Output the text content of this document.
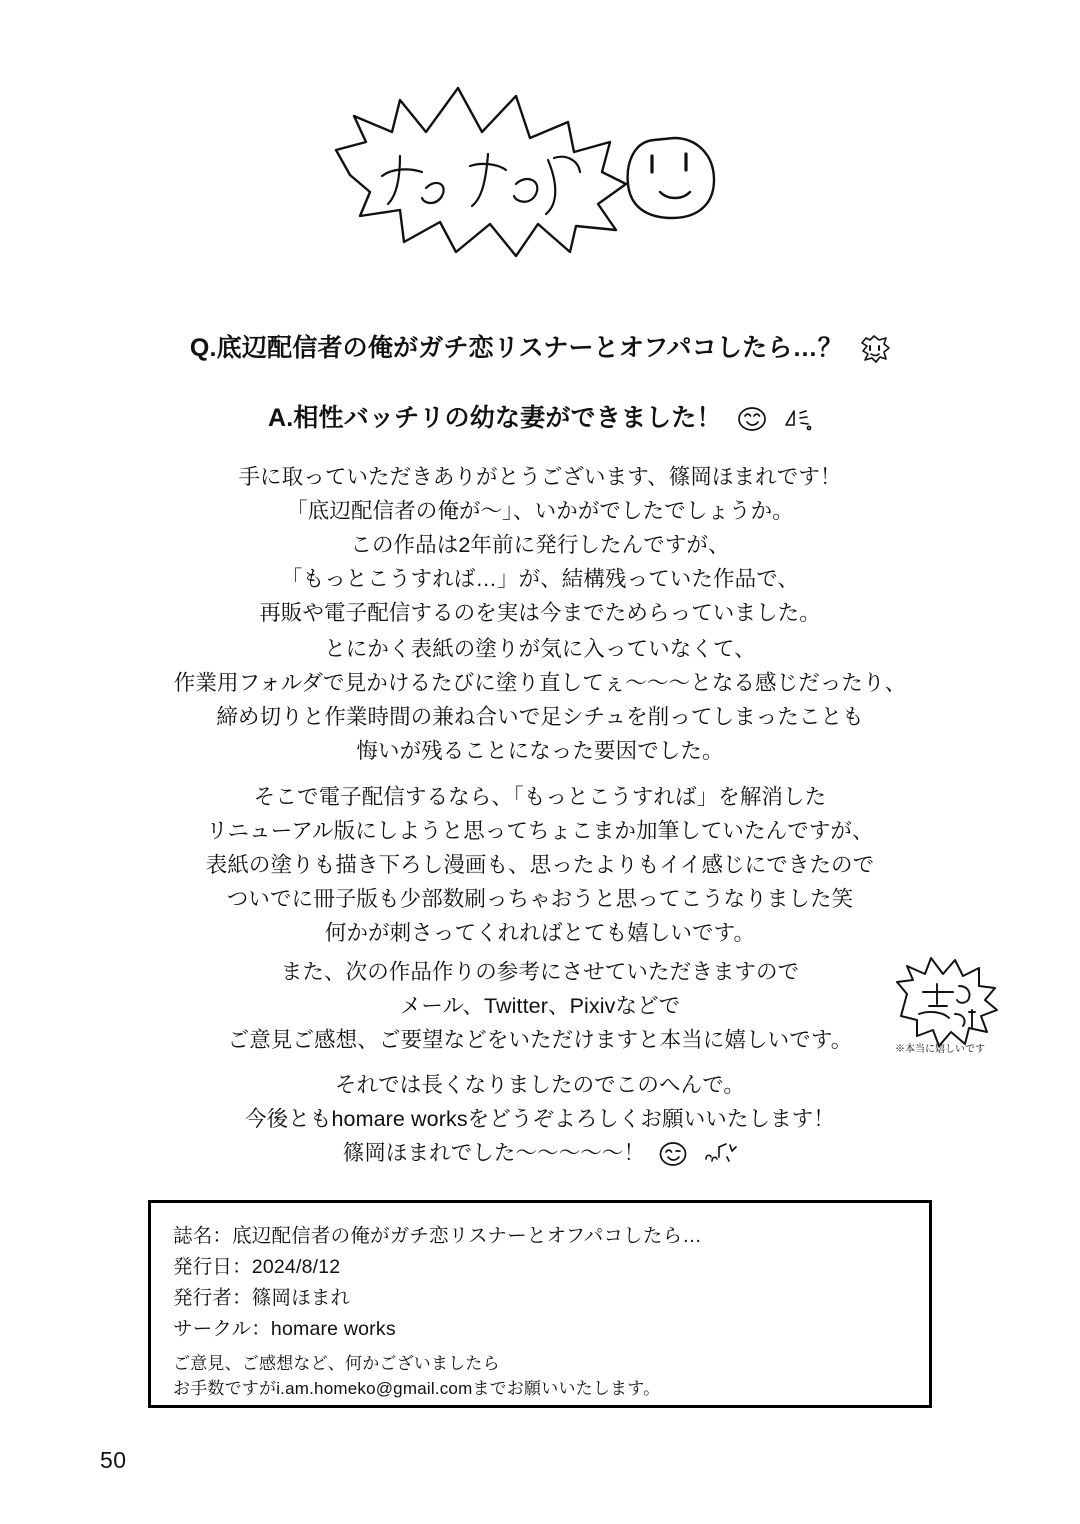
Q.底辺配信者の俺がガチ恋リスナーとオフパコしたら…？
A.相性バッチリの幼な妻ができました！

手に取っていただきありがとうございます、篠岡ほまれです！
「底辺配信者の俺が〜」、いかがでしたでしょうか。
この作品は2年前に発行したんですが、
「もっとこうすれば…」が、結構残っていた作品で、
再販や電子配信するのを実は今までためらっていました。
とにかく表紙の塗りが気に入っていなくて、
作業用フォルダで見かけるたびに塗り直してぇ〜〜〜となる感じだったり、
締め切りと作業時間の兼ね合いで足シチュを削ってしまったことも
悔いが残ることになった要因でした。
そこで電子配信するなら、「もっとこうすれば」を解消した
リニューアル版にしようと思ってちょこまか加筆していたんですが、
表紙の塗りも描き下ろし漫画も、思ったよりもイイ感じにできたので
ついでに冊子版も少部数刷っちゃおうと思ってこうなりました笑
何かが刺さってくれればとても嬉しいです。
また、次の作品作りの参考にさせていただきますので
メール、Twitter、Pixivなどで
ご意見ご感想、ご要望などをいただけますと本当に嬉しいです。	※本当に嬉しいです
それでは長くなりましたのでこのへんで。
今後ともhomare worksをどうぞよろしくお願いいたします！
篠岡ほまれでした〜〜〜〜〜！

誌名：底辺配信者の俺がガチ恋リスナーとオフパコしたら…
発行日：2024/8/12
発行者：篠岡ほまれ
サークル：homare works
ご意見、ご感想など、何かございましたら
お手数ですがi.am.homeko@gmail.comまでお願いいたします。
50
